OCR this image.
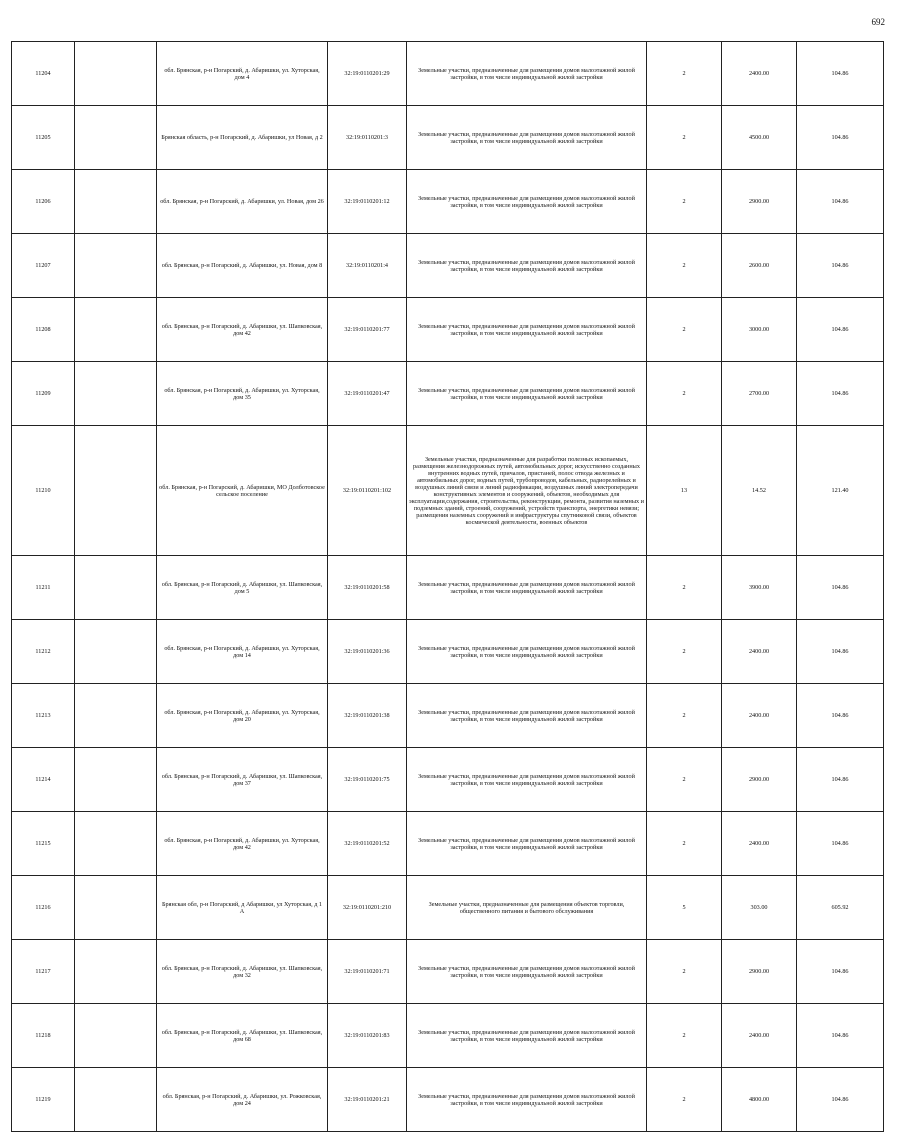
692
11204		обл. Брянская, р-н Погарский, д. Абаришки, ул. Хуторская, дом 4	32:19:0110201:29	Земельные участки, предназначенные для размещения домов малоэтажной жилой застройки, в том числе индивидуальной жилой застройки	2	2400.00	104.86	
11205		Брянская область, р-н Погарский, д. Абаришки, ул Новая, д 2	32:19:0110201:3	Земельные участки, предназначенные для размещения домов малоэтажной жилой застройки, в том числе индивидуальной жилой застройки	2	4500.00	104.86	
11206		обл. Брянская, р-н Погарский, д. Абаришки, ул. Новая, дом 26	32:19:0110201:12	Земельные участки, предназначенные для размещения домов малоэтажной жилой застройки, в том числе индивидуальной жилой застройки	2	2900.00	104.86	
11207		обл. Брянская, р-н Погарский, д. Абаришки, ул. Новая, дом 8	32:19:0110201:4	Земельные участки, предназначенные для размещения домов малоэтажной жилой застройки, в том числе индивидуальной жилой застройки	2	2600.00	104.86	
11208		обл. Брянская, р-н Погарский, д. Абаришки, ул. Шапковская, дом 42	32:19:0110201:77	Земельные участки, предназначенные для размещения домов малоэтажной жилой застройки, в том числе индивидуальной жилой застройки	2	3000.00	104.86	
11209		обл. Брянская, р-н Погарский, д. Абаришки, ул. Хуторская, дом 35	32:19:0110201:47	Земельные участки, предназначенные для размещения домов малоэтажной жилой застройки, в том числе индивидуальной жилой застройки	2	2700.00	104.86	
11210		обл. Брянская, р-н Погарский, д. Абаришки, МО Долботовское сельское поселение	32:19:0110201:102	Земельные участки, предназначенные для разработки полезных ископаемых, размещения железнодорожных путей, автомобильных дорог, искусственно созданных внутренних водных путей, причалов, пристаней, полос отвода железных и автомобильных дорог, водных путей, трубопроводов, кабельных, радиорелейных и воздушных линий связи и линий радиофикации, воздушных линий электропередачи конструктивных элементов и сооружений, объектов, необходимых для эксплуатации,содержания, строительства, реконструкции, ремонта, развития наземных и подземных зданий, строений, сооружений, устройств транспорта, энергетики невязи; размещения наземных сооружений и инфраструктуры спутниковой связи, объектов космической деятельности, военных объектов	13	14.52	121.40	
11211		обл. Брянская, р-н Погарский, д. Абаришки, ул. Шапковская, дом 5	32:19:0110201:58	Земельные участки, предназначенные для размещения домов малоэтажной жилой застройки, в том числе индивидуальной жилой застройки	2	3900.00	104.86	
11212		обл. Брянская, р-н Погарский, д. Абаришки, ул. Хуторская, дом 14	32:19:0110201:36	Земельные участки, предназначенные для размещения домов малоэтажной жилой застройки, в том числе индивидуальной жилой застройки	2	2400.00	104.86	
11213		обл. Брянская, р-н Погарский, д. Абаришки, ул. Хуторская, дом 20	32:19:0110201:38	Земельные участки, предназначенные для размещения домов малоэтажной жилой застройки, в том числе индивидуальной жилой застройки	2	2400.00	104.86	
11214		обл. Брянская, р-н Погарский, д. Абаришки, ул. Шапковская, дом 37	32:19:0110201:75	Земельные участки, предназначенные для размещения домов малоэтажной жилой застройки, в том числе индивидуальной жилой застройки	2	2900.00	104.86	
11215		обл. Брянская, р-н Погарский, д. Абаришки, ул. Хуторская, дом 42	32:19:0110201:52	Земельные участки, предназначенные для размещения домов малоэтажной жилой застройки, в том числе индивидуальной жилой застройки	2	2400.00	104.86	
11216		Брянская обл, р-н Погарский, д Абаришки, ул Хуторская, д 1 А	32:19:0110201:210	Земельные участки, предназначенные для размещения объектов торговли, общественного питания и бытового обслуживания	5	303.00	605.92	
11217		обл. Брянская, р-н Погарский, д. Абаришки, ул. Шапковская, дом 32	32:19:0110201:71	Земельные участки, предназначенные для размещения домов малоэтажной жилой застройки, в том числе индивидуальной жилой застройки	2	2900.00	104.86	
11218		обл. Брянская, р-н Погарский, д. Абаришки, ул. Шапковская, дом 68	32:19:0110201:83	Земельные участки, предназначенные для размещения домов малоэтажной жилой застройки, в том числе индивидуальной жилой застройки	2	2400.00	104.86	
11219		обл. Брянская, р-н Погарский, д. Абаришки, ул. Рожковская, дом 24	32:19:0110201:21	Земельные участки, предназначенные для размещения домов малоэтажной жилой застройки, в том числе индивидуальной жилой застройки	2	4800.00	104.86	
